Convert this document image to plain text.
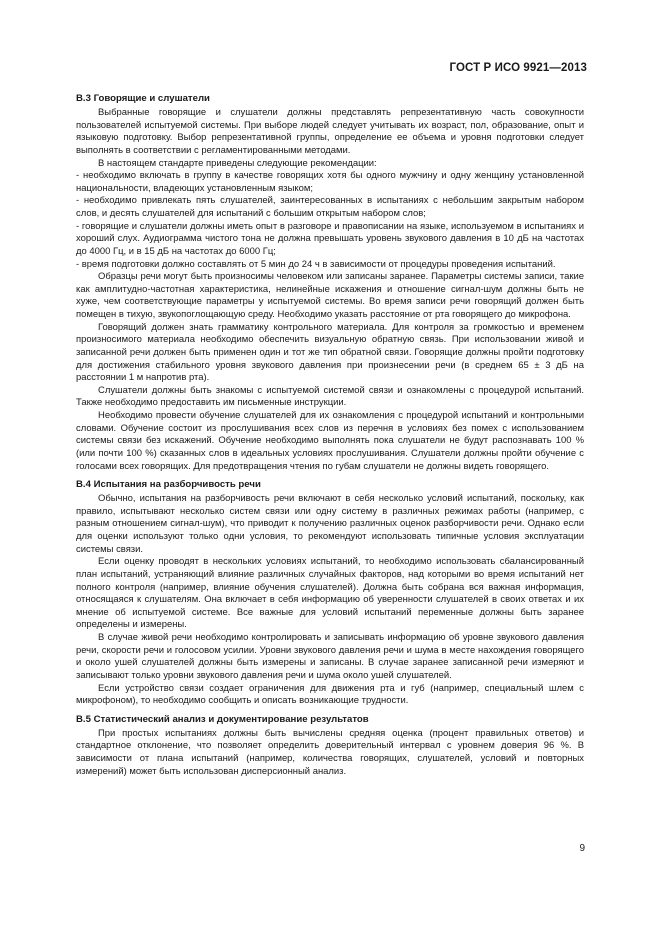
ГОСТ Р ИСО 9921—2013
В.3 Говорящие и слушатели

Выбранные говорящие и слушатели должны представлять репрезентативную часть совокупности пользователей испытуемой системы. При выборе людей следует учитывать их возраст, пол, образование, опыт и языковую подготовку. Выбор репрезентативной группы, определение ее объема и уровня подготовки следует выполнять в соответствии с регламентированными методами.

В настоящем стандарте приведены следующие рекомендации:

- необходимо включать в группу в качестве говорящих хотя бы одного мужчину и одну женщину установленной национальности, владеющих установленным языком;

- необходимо привлекать пять слушателей, заинтересованных в испытаниях с небольшим закрытым набором слов, и десять слушателей для испытаний с большим открытым набором слов;

- говорящие и слушатели должны иметь опыт в разговоре и правописании на языке, используемом в испытаниях и хороший слух. Аудиограмма чистого тона не должна превышать уровень звукового давления в 10 дБ на частотах до 4000 Гц, и в 15 дБ на частотах до 6000 Гц;

- время подготовки должно составлять от 5 мин до 24 ч в зависимости от процедуры проведения испытаний.

Образцы речи могут быть произносимы человеком или записаны заранее. Параметры системы записи, такие как амплитудно-частотная характеристика, нелинейные искажения и отношение сигнал-шум должны быть не хуже, чем соответствующие параметры у испытуемой системы. Во время записи речи говорящий должен быть помещен в тихую, звукопоглощающую среду. Необходимо указать расстояние от рта говорящего до микрофона.

Говорящий должен знать грамматику контрольного материала. Для контроля за громкостью и временем произносимого материала необходимо обеспечить визуальную обратную связь. При использовании живой и записанной речи должен быть применен один и тот же тип обратной связи. Говорящие должны пройти подготовку для достижения стабильного уровня звукового давления при произнесении речи (в среднем 65 ± 3 дБ на расстоянии 1 м напротив рта).

Слушатели должны быть знакомы с испытуемой системой связи и ознакомлены с процедурой испытаний. Также необходимо предоставить им письменные инструкции.

Необходимо провести обучение слушателей для их ознакомления с процедурой испытаний и контрольными словами. Обучение состоит из прослушивания всех слов из перечня в условиях без помех с использованием системы связи без искажений. Обучение необходимо выполнять пока слушатели не будут распознавать 100 % (или почти 100 %) сказанных слов в идеальных условиях прослушивания. Слушатели должны пройти обучение с голосами всех говорящих. Для предотвращения чтения по губам слушатели не должны видеть говорящего.

В.4 Испытания на разборчивость речи

Обычно, испытания на разборчивость речи включают в себя несколько условий испытаний, поскольку, как правило, испытывают несколько систем связи или одну систему в различных режимах работы (например, с разным отношением сигнал-шум), что приводит к получению различных оценок разборчивости речи. Однако если для оценки используют только одни условия, то рекомендуют использовать типичные условия эксплуатации системы связи.

Если оценку проводят в нескольких условиях испытаний, то необходимо использовать сбалансированный план испытаний, устраняющий влияние различных случайных факторов, над которыми во время испытаний нет полного контроля (например, влияние обучения слушателей). Должна быть собрана вся важная информация, относящаяся к слушателям. Она включает в себя информацию об уверенности слушателей в своих ответах и их мнение об испытуемой системе. Все важные для условий испытаний переменные должны быть заранее определены и измерены.

В случае живой речи необходимо контролировать и записывать информацию об уровне звукового давления речи, скорости речи и голосовом усилии. Уровни звукового давления речи и шума в месте нахождения говорящего и около ушей слушателей должны быть измерены и записаны. В случае заранее записанной речи измеряют и записывают только уровни звукового давления речи и шума около ушей слушателей.

Если устройство связи создает ограничения для движения рта и губ (например, специальный шлем с микрофоном), то необходимо сообщить и описать возникающие трудности.

В.5 Статистический анализ и документирование результатов

При простых испытаниях должны быть вычислены средняя оценка (процент правильных ответов) и стандартное отклонение, что позволяет определить доверительный интервал с уровнем доверия 96 %. В зависимости от плана испытаний (например, количества говорящих, слушателей, условий и повторных измерений) может быть использован дисперсионный анализ.

9
